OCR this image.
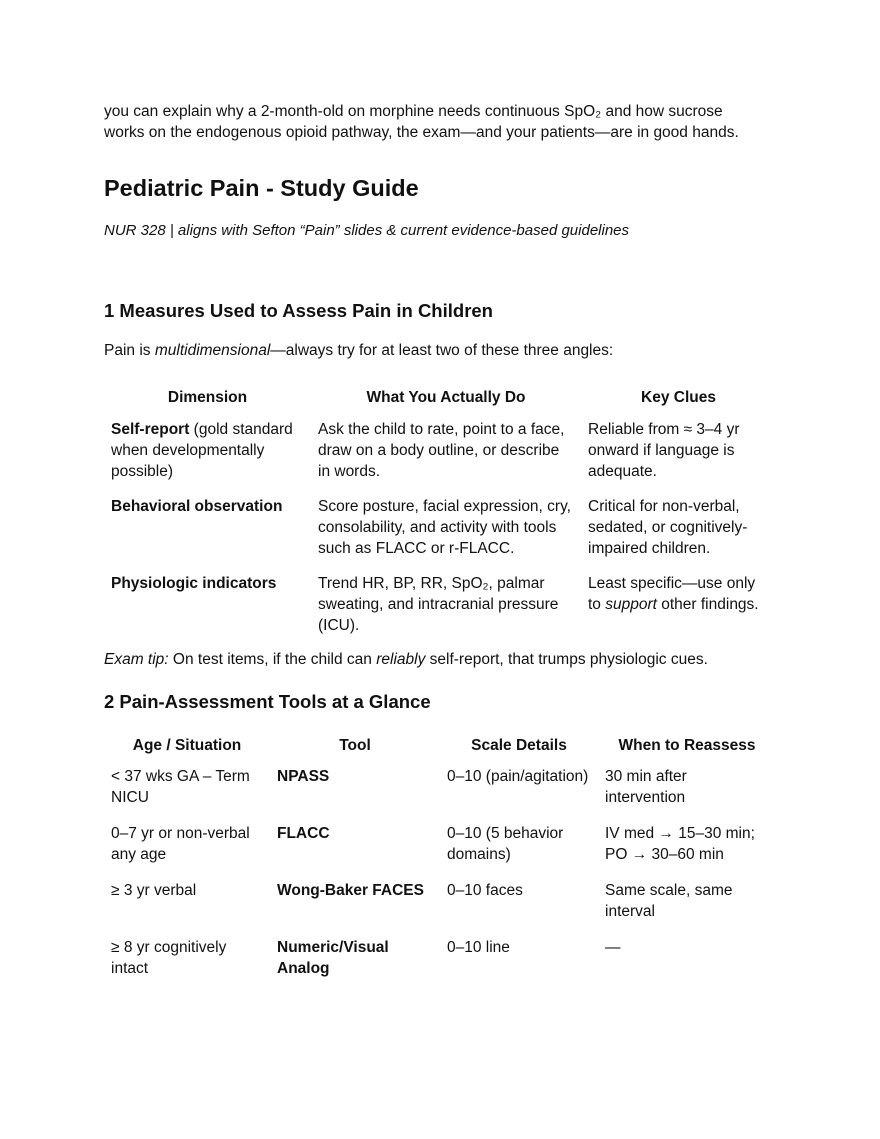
you can explain why a 2-month-old on morphine needs continuous SpO₂ and how sucrose works on the endogenous opioid pathway, the exam—and your patients—are in good hands.

Pediatric Pain - Study Guide

NUR 328 | aligns with Sefton “Pain” slides & current evidence-based guidelines

1 Measures Used to Assess Pain in Children

Pain is multidimensional—always try for at least two of these three angles:

Dimension	What You Actually Do	Key Clues
Self-report (gold standard when developmentally possible)	Ask the child to rate, point to a face, draw on a body outline, or describe in words.	Reliable from ≈ 3–4 yr onward if language is adequate.
Behavioral observation	Score posture, facial expression, cry, consolability, and activity with tools such as FLACC or r-FLACC.	Critical for non-verbal, sedated, or cognitively-impaired children.
Physiologic indicators	Trend HR, BP, RR, SpO₂, palmar sweating, and intracranial pressure (ICU).	Least specific—use only to support other findings.

Exam tip: On test items, if the child can reliably self-report, that trumps physiologic cues.

2 Pain-Assessment Tools at a Glance
Age / Situation	Tool	Scale Details	When to Reassess
< 37 wks GA – Term NICU	NPASS	0–10 (pain/agitation)	30 min after intervention
0–7 yr or non-verbal any age	FLACC	0–10 (5 behavior domains)	IV med → 15–30 min; PO → 30–60 min
≥ 3 yr verbal	Wong-Baker FACES	0–10 faces	Same scale, same interval
≥ 8 yr cognitively intact	Numeric/Visual Analog	0–10 line	—
